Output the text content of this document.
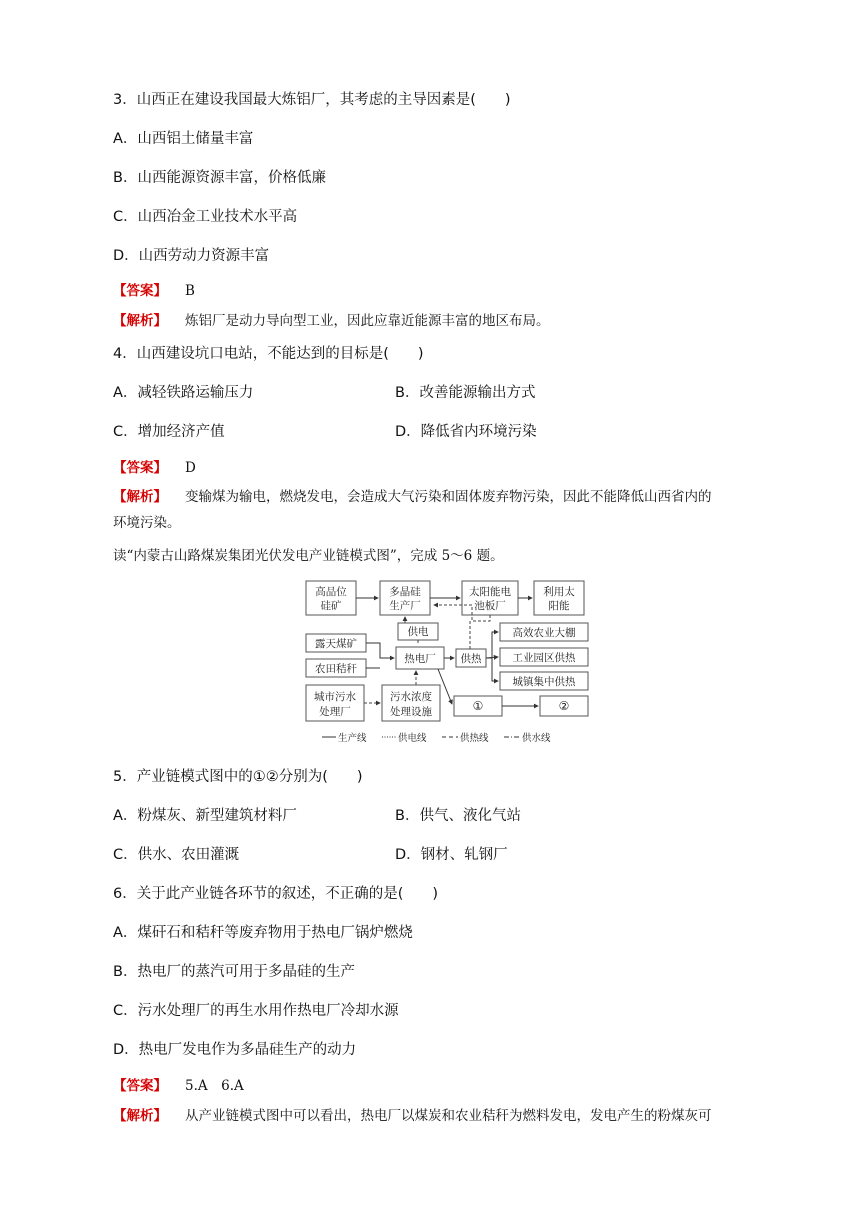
3．山西正在建设我国最大炼铝厂，其考虑的主导因素是(　　)
A．山西铝土储量丰富
B．山西能源资源丰富，价格低廉
C．山西冶金工业技术水平高
D．山西劳动力资源丰富
【答案】 B
【解析】 炼铝厂是动力导向型工业，因此应靠近能源丰富的地区布局。
4．山西建设坑口电站，不能达到的目标是(　　)
A．减轻铁路运输压力	B．改善能源输出方式
C．增加经济产值	D．降低省内环境污染
【答案】 D
【解析】 变输煤为输电，燃烧发电，会造成大气污染和固体废弃物污染，因此不能降低山西省内的
环境污染。
读“内蒙古山路煤炭集团光伏发电产业链模式图”，完成 5～6 题。
高品位
硅矿
多晶硅
生产厂
太阳能电
池板厂
利用太
阳能
供电
露天煤矿
农田秸秆
热电厂 供热
高效农业大棚
工业园区供热
城镇集中供热
城市污水
处理厂
污水浓度
处理设施	①	②
生产线	供电线	供热线	供水线
5．产业链模式图中的①②分别为(　　)
A．粉煤灰、新型建筑材料厂	B．供气、液化气站
C．供水、农田灌溉	D．钢材、轧钢厂
6．关于此产业链各环节的叙述，不正确的是(　　)
A．煤矸石和秸秆等废弃物用于热电厂锅炉燃烧
B．热电厂的蒸汽可用于多晶硅的生产
C．污水处理厂的再生水用作热电厂冷却水源
D．热电厂发电作为多晶硅生产的动力
【答案】 5.A　6.A
【解析】 从产业链模式图中可以看出，热电厂以煤炭和农业秸秆为燃料发电，发电产生的粉煤灰可
